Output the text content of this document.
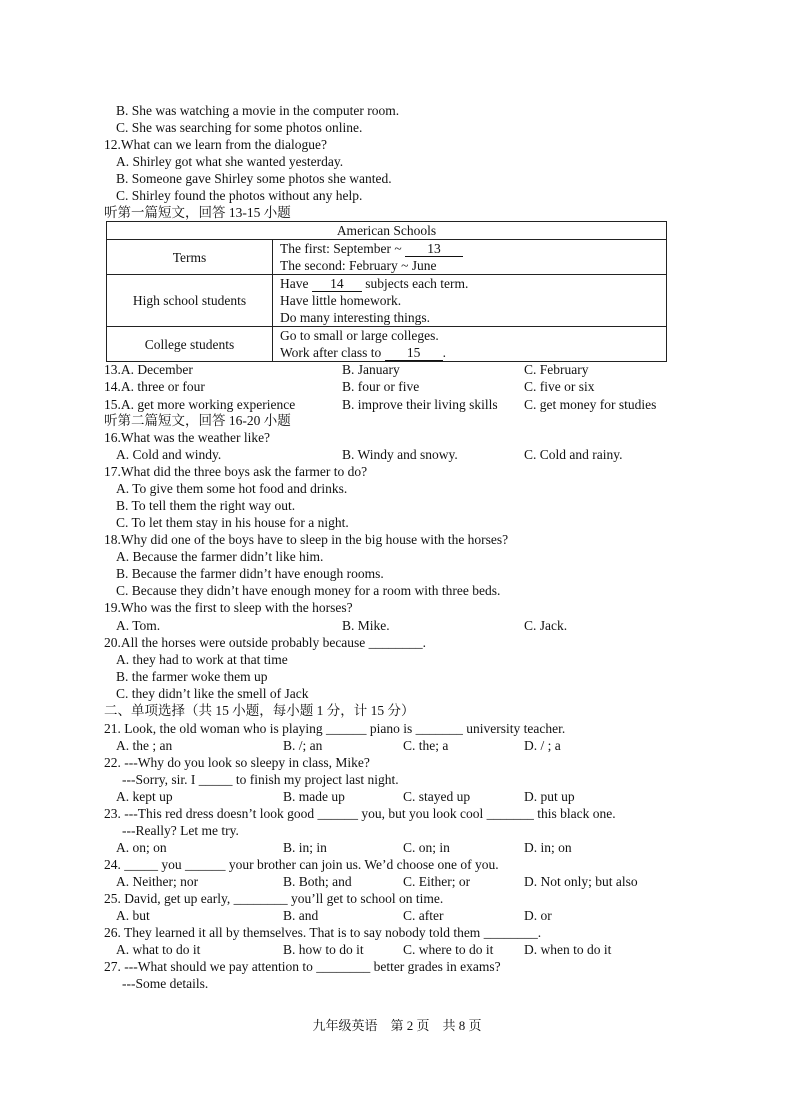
B. She was watching a movie in the computer room.
C. She was searching for some photos online.
12.What can we learn from the dialogue?
A. Shirley got what she wanted yesterday.
B. Someone gave Shirley some photos she wanted.
C. Shirley found the photos without any help.
听第一篇短文，回答 13-15 小题
American Schools	
Terms	The first: September ~ 13
The second: February ~ June

High school students	Have 14 subjects each term.
Have little homework.
Do many interesting things.

College students	Go to small or large colleges.
Work after class to 15 .
13.A. December	B. January	C. February
14.A. three or four	B. four or five	C. five or six
15.A. get more working experience	B. improve their living skills C. get money for studies
听第二篇短文，回答 16-20 小题
16.What was the weather like?
A. Cold and windy.	B. Windy and snowy.	C. Cold and rainy.
17.What did the three boys ask the farmer to do?
A. To give them some hot food and drinks.
B. To tell them the right way out.
C. To let them stay in his house for a night.
18.Why did one of the boys have to sleep in the big house with the horses?
A. Because the farmer didn’t like him.
B. Because the farmer didn’t have enough rooms.
C. Because they didn’t have enough money for a room with three beds.
19.Who was the first to sleep with the horses?
A. Tom.	B. Mike.	C. Jack.
20.All the horses were outside probably because ________.
A. they had to work at that time
B. the farmer woke them up
C. they didn’t like the smell of Jack
二、单项选择（共 15 小题，每小题 1 分，计 15 分）
21. Look, the old woman who is playing ______ piano is _______ university teacher.
A. the ; an	B. /; an	C. the; a	D. / ; a
22. ---Why do you look so sleepy in class, Mike?
---Sorry, sir. I _____ to finish my project last night.
A. kept up	B. made up	C. stayed up	D. put up
23. ---This red dress doesn’t look good ______ you, but you look cool _______ this black one.
---Really? Let me try.
A. on; on	B. in; in	C. on; in	D. in; on
24. _____ you ______ your brother can join us. We’d choose one of you.
A. Neither; nor	B. Both; and	C. Either; or	D. Not only; but also
25. David, get up early, ________ you’ll get to school on time.
A. but	B. and	C. after	D. or
26. They learned it all by themselves. That is to say nobody told them ________.
A. what to do it	B. how to do it	C. where to do it D. when to do it
27. ---What should we pay attention to ________ better grades in exams?
---Some details.
九年级英语　第 2 页　共 8 页
